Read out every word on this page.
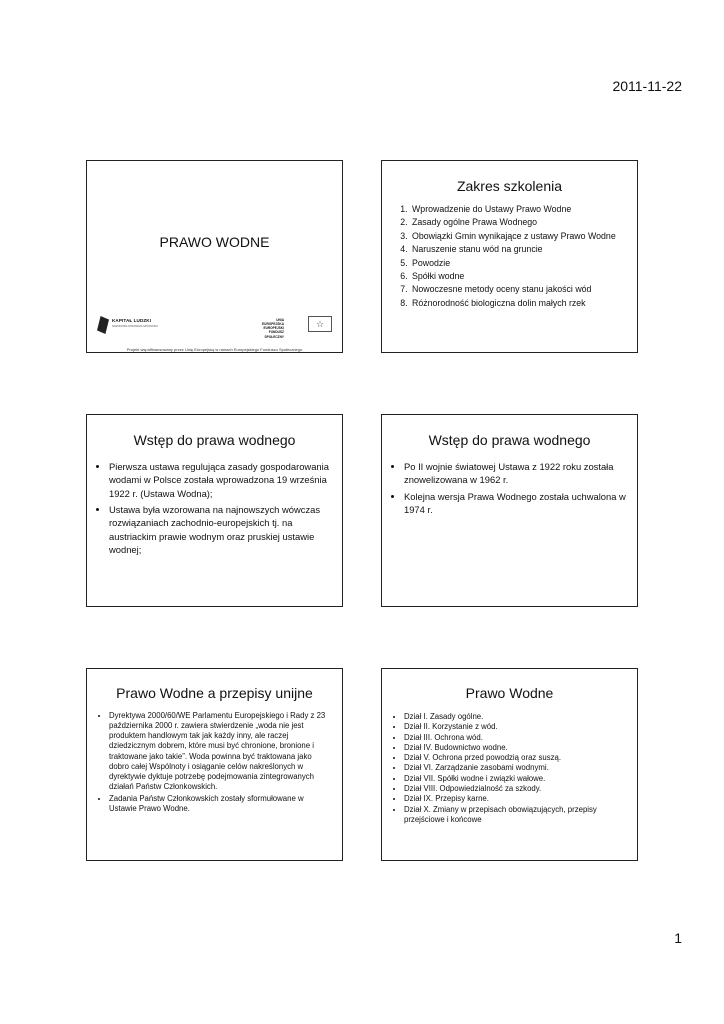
2011-11-22
PRAWO WODNE
KAPITAŁ LUDZKI
NARODOWA STRATEGIA SPÓJNOŚCI
UNIA EUROPEJSKA EUROPEJSKI FUNDUSZ SPOŁECZNY
☆
Projekt współfinansowany przez Unię Europejską w ramach Europejskiego Funduszu Społecznego
Zakres szkolenia
1. Wprowadzenie do Ustawy Prawo Wodne
2. Zasady ogólne Prawa Wodnego
3. Obowiązki Gmin wynikające z ustawy Prawo Wodne
4. Naruszenie stanu wód na gruncie
5. Powodzie
6. Spółki wodne
7. Nowoczesne metody oceny stanu jakości wód
8. Różnorodność biologiczna dolin małych rzek
Wstęp do prawa wodnego
• Pierwsza ustawa regulująca zasady gospodarowania wodami w Polsce została wprowadzona 19 września 1922 r. (Ustawa Wodna);
• Ustawa była wzorowana na najnowszych wówczas rozwiązaniach zachodnio-europejskich tj. na austriackim prawie wodnym oraz pruskiej ustawie wodnej;
Wstęp do prawa wodnego
• Po II wojnie światowej Ustawa z 1922 roku została znowelizowana w 1962 r.
• Kolejna wersja Prawa Wodnego została uchwalona w 1974 r.
Prawo Wodne a przepisy unijne
• Dyrektywa 2000/60/WE Parlamentu Europejskiego i Rady z 23 października 2000 r. zawiera stwierdzenie „woda nie jest produktem handlowym tak jak każdy inny, ale raczej dziedzicznym dobrem, które musi być chronione, bronione i traktowane jako takie”. Woda powinna być traktowana jako dobro całej Wspólnoty i osiąganie celów nakreślonych w dyrektywie dyktuje potrzebę podejmowania zintegrowanych działań Państw Członkowskich.
• Zadania Państw Członkowskich zostały sformułowane w Ustawie Prawo Wodne.
Prawo Wodne
• Dział I. Zasady ogólne.
• Dział II. Korzystanie z wód.
• Dział III. Ochrona wód.
• Dział IV. Budownictwo wodne.
• Dział V. Ochrona przed powodzią oraz suszą.
• Dział VI. Zarządzanie zasobami wodnymi.
• Dział VII. Spółki wodne i związki wałowe.
• Dział VIII. Odpowiedzialność za szkody.
• Dział IX. Przepisy karne.
• Dział X. Zmiany w przepisach obowiązujących, przepisy przejściowe i końcowe
1
